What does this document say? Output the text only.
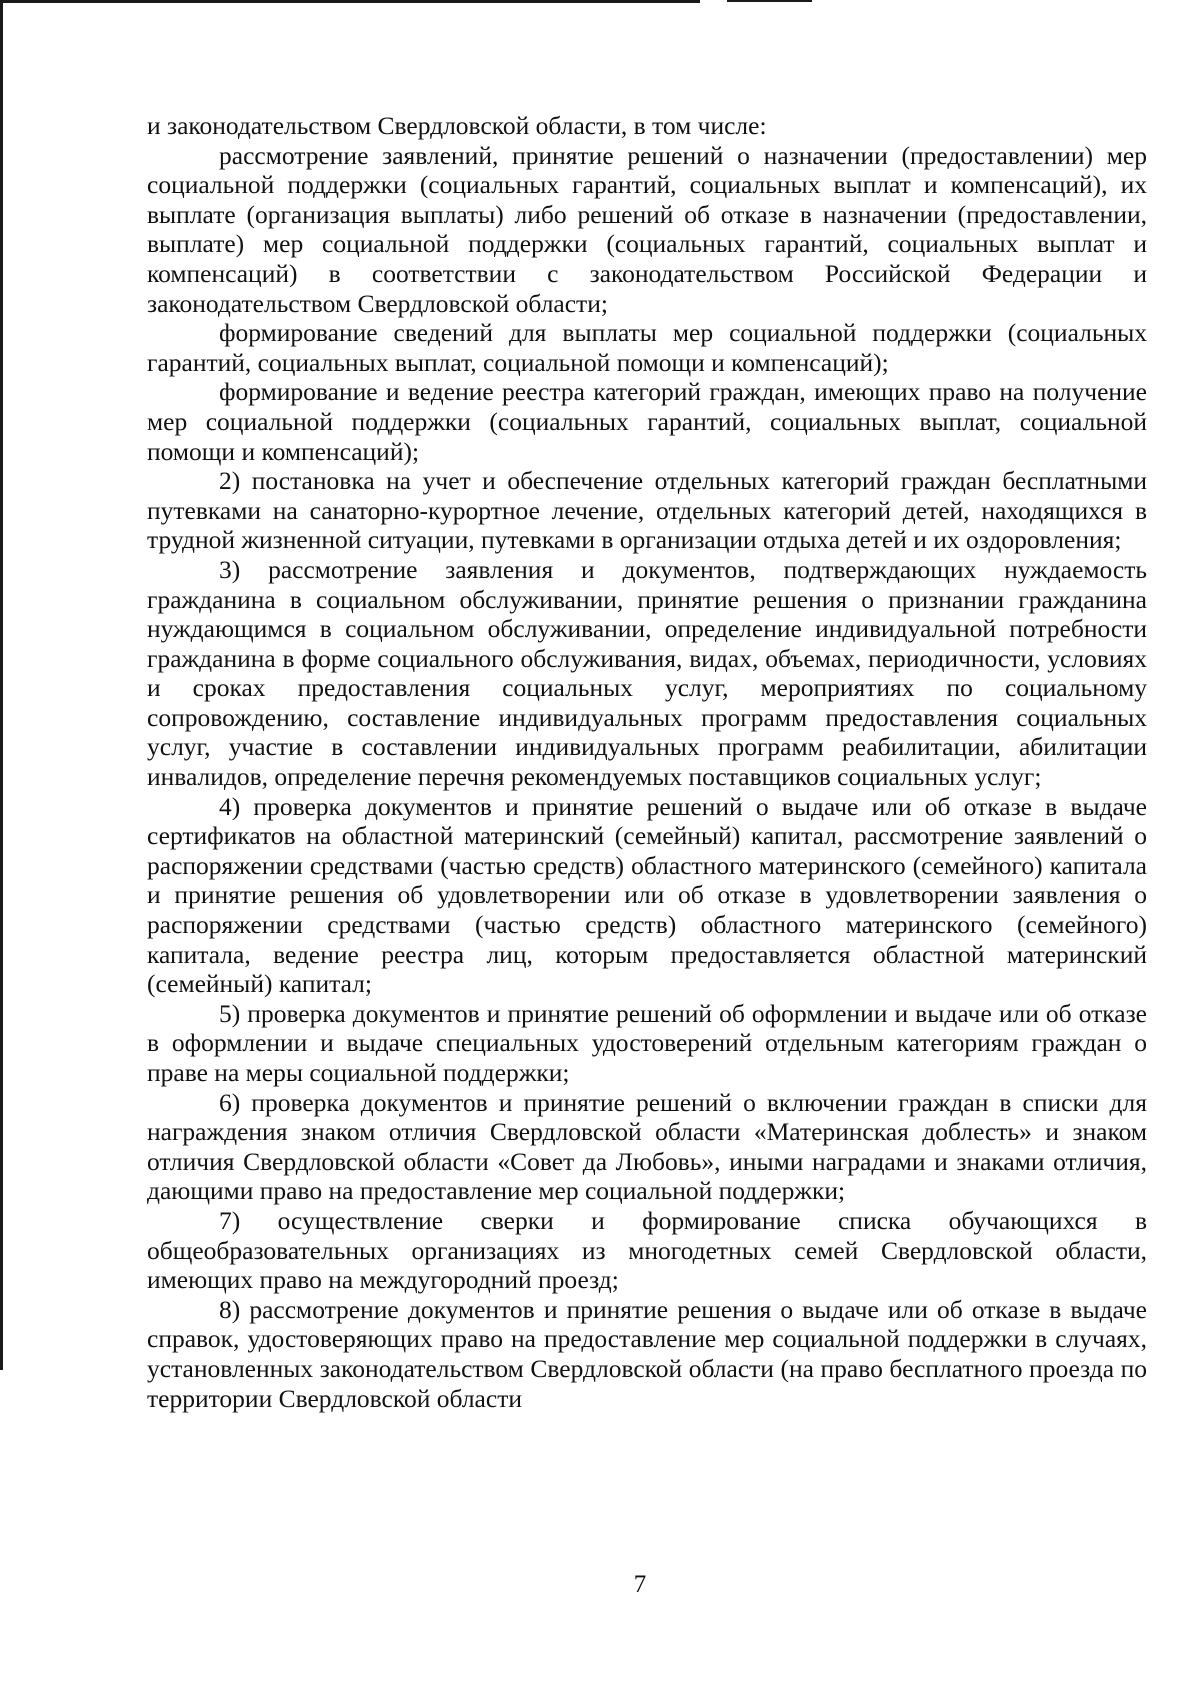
и законодательством Свердловской области, в том числе:

рассмотрение заявлений, принятие решений о назначении (предоставлении) мер социальной поддержки (социальных гарантий, социальных выплат и компенсаций), их выплате (организация выплаты) либо решений об отказе в назначении (предоставлении, выплате) мер социальной поддержки (социальных гарантий, социальных выплат и компенсаций) в соответствии с законодательством Российской Федерации и законодательством Свердловской области;

формирование сведений для выплаты мер социальной поддержки (социальных гарантий, социальных выплат, социальной помощи и компенсаций);

формирование и ведение реестра категорий граждан, имеющих право на получение мер социальной поддержки (социальных гарантий, социальных выплат, социальной помощи и компенсаций);

2) постановка на учет и обеспечение отдельных категорий граждан бесплатными путевками на санаторно-курортное лечение, отдельных категорий детей, находящихся в трудной жизненной ситуации, путевками в организации отдыха детей и их оздоровления;

3) рассмотрение заявления и документов, подтверждающих нуждаемость гражданина в социальном обслуживании, принятие решения о признании гражданина нуждающимся в социальном обслуживании, определение индивидуальной потребности гражданина в форме социального обслуживания, видах, объемах, периодичности, условиях и сроках предоставления социальных услуг, мероприятиях по социальному сопровождению, составление индивидуальных программ предоставления социальных услуг, участие в составлении индивидуальных программ реабилитации, абилитации инвалидов, определение перечня рекомендуемых поставщиков социальных услуг;

4) проверка документов и принятие решений о выдаче или об отказе в выдаче сертификатов на областной материнский (семейный) капитал, рассмотрение заявлений о распоряжении средствами (частью средств) областного материнского (семейного) капитала и принятие решения об удовлетворении или об отказе в удовлетворении заявления о распоряжении средствами (частью средств) областного материнского (семейного) капитала, ведение реестра лиц, которым предоставляется областной материнский (семейный) капитал;

5) проверка документов и принятие решений об оформлении и выдаче или об отказе в оформлении и выдаче специальных удостоверений отдельным категориям граждан о праве на меры социальной поддержки;

6) проверка документов и принятие решений о включении граждан в списки для награждения знаком отличия Свердловской области «Материнская доблесть» и знаком отличия Свердловской области «Совет да Любовь», иными наградами и знаками отличия, дающими право на предоставление мер социальной поддержки;

7) осуществление сверки и формирование списка обучающихся в общеобразовательных организациях из многодетных семей Свердловской области, имеющих право на междугородний проезд;

8) рассмотрение документов и принятие решения о выдаче или об отказе в выдаче справок, удостоверяющих право на предоставление мер социальной поддержки в случаях, установленных законодательством Свердловской области (на право бесплатного проезда по территории Свердловской области

7
